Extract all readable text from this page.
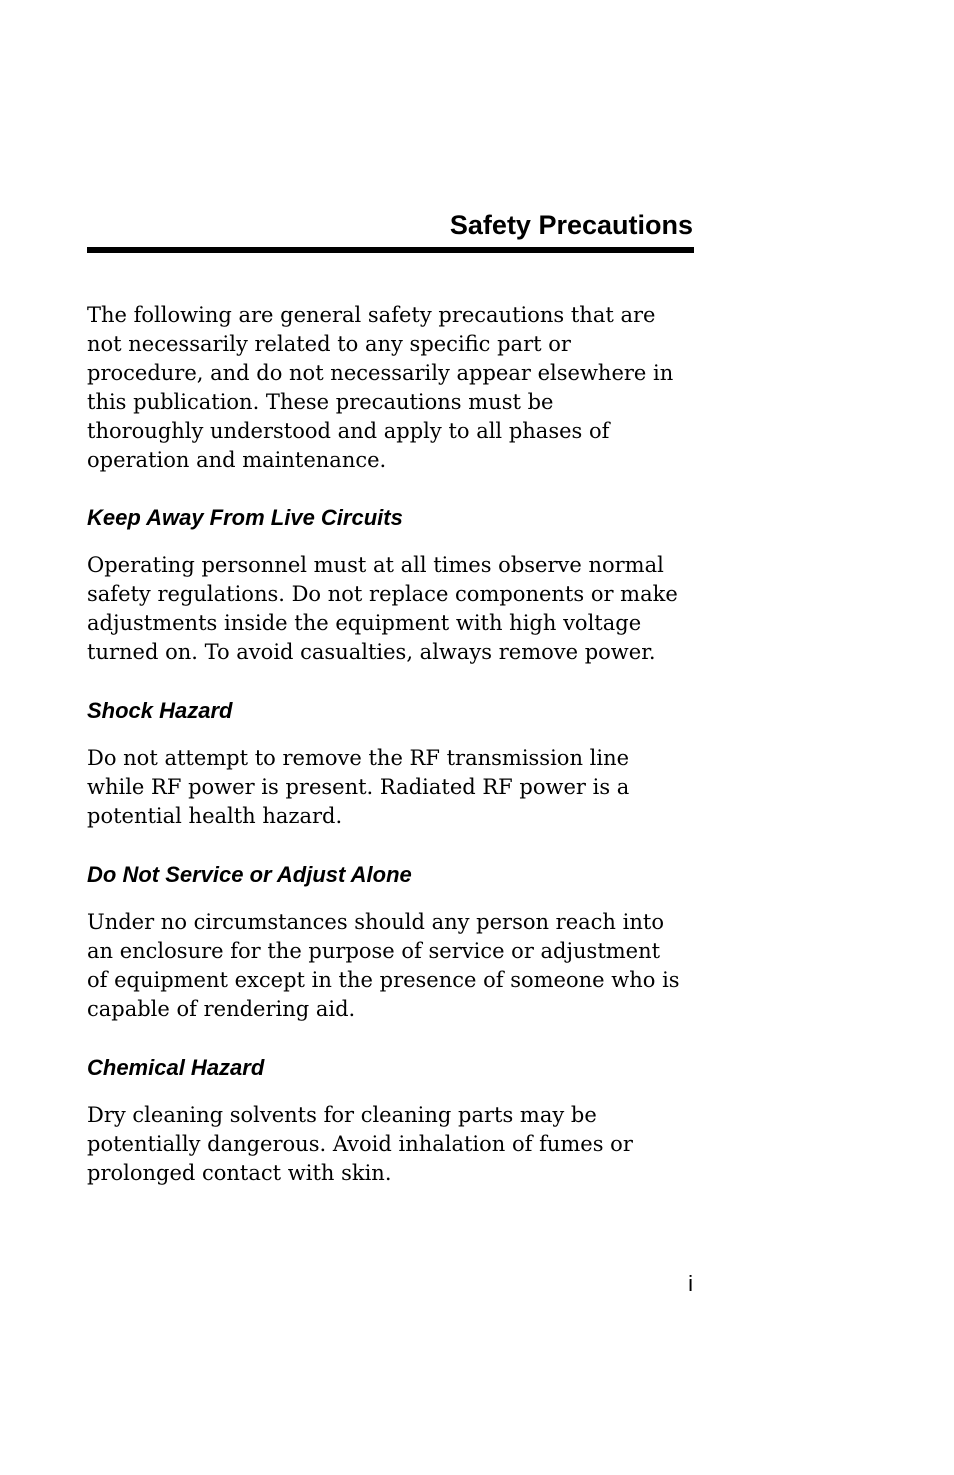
Safety Precautions

The following are general safety precautions that are
not necessarily related to any specific part or
procedure, and do not necessarily appear elsewhere in
this publication. These precautions must be
thoroughly understood and apply to all phases of
operation and maintenance.

Keep Away From Live Circuits

Operating personnel must at all times observe normal
safety regulations. Do not replace components or make
adjustments inside the equipment with high voltage
turned on. To avoid casualties, always remove power.

Shock Hazard

Do not attempt to remove the RF transmission line
while RF power is present. Radiated RF power is a
potential health hazard.

Do Not Service or Adjust Alone

Under no circumstances should any person reach into
an enclosure for the purpose of service or adjustment
of equipment except in the presence of someone who is
capable of rendering aid.

Chemical Hazard

Dry cleaning solvents for cleaning parts may be
potentially dangerous. Avoid inhalation of fumes or
prolonged contact with skin.

i
